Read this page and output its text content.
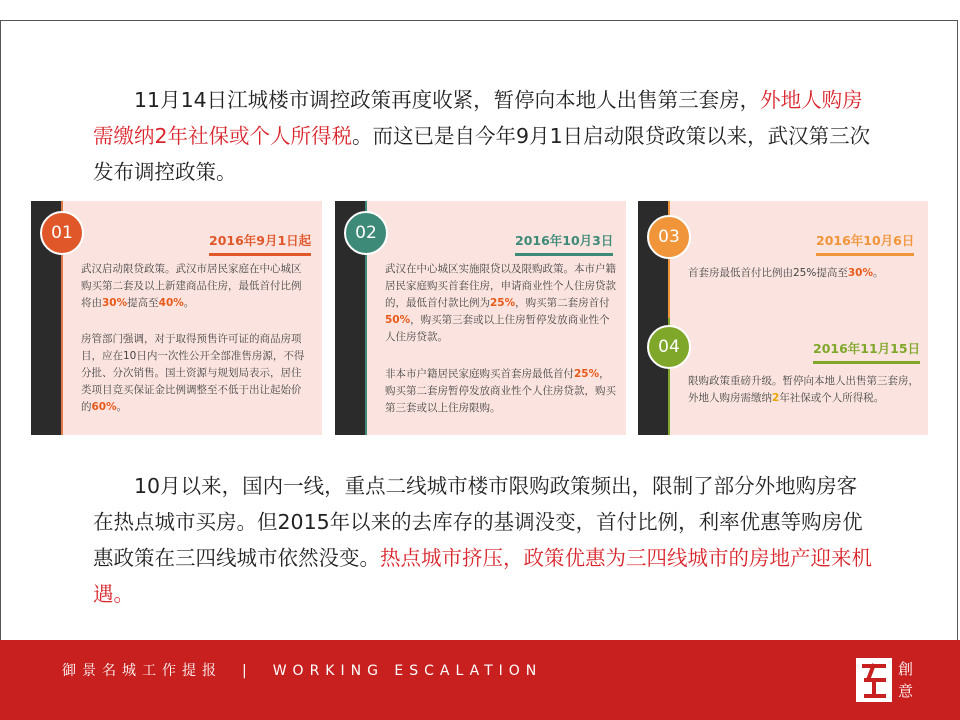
  11月14日江城楼市调控政策再度收紧，暂停向本地人出售第三套房，外地人购房需缴纳2年社保或个人所得税。而这已是自今年9月1日启动限贷政策以来，武汉第三次发布调控政策。
01	2016年9月1日起
武汉启动限贷政策。武汉市居民家庭在中心城区购买第二套及以上新建商品住房，最低首付比例将由30%提高至40%。
房管部门强调，对于取得预售许可证的商品房项目，应在10日内一次性公开全部准售房源，不得分批、分次销售。国土资源与规划局表示，居住类项目竞买保证金比例调整至不低于出让起始价的60%。
02	2016年10月3日
武汉在中心城区实施限贷以及限购政策。本市户籍居民家庭购买首套住房，申请商业性个人住房贷款的，最低首付款比例为25%，购买第二套房首付50%，购买第三套或以上住房暂停发放商业性个人住房贷款。
非本市户籍居民家庭购买首套房最低首付25%，购买第二套房暂停发放商业性个人住房贷款，购买第三套或以上住房限购。
03	2016年10月6日
首套房最低首付比例由25%提高至30%。
04	2016年11月15日
限购政策重磅升级。暂停向本地人出售第三套房，外地人购房需缴纳2年社保或个人所得税。
  10月以来，国内一线，重点二线城市楼市限购政策频出，限制了部分外地购房客在热点城市买房。但2015年以来的去库存的基调没变，首付比例，利率优惠等购房优惠政策在三四线城市依然没变。热点城市挤压，政策优惠为三四线城市的房地产迎来机遇。
御景名城工作提报　|　WORKING ESCALATION	創
意
